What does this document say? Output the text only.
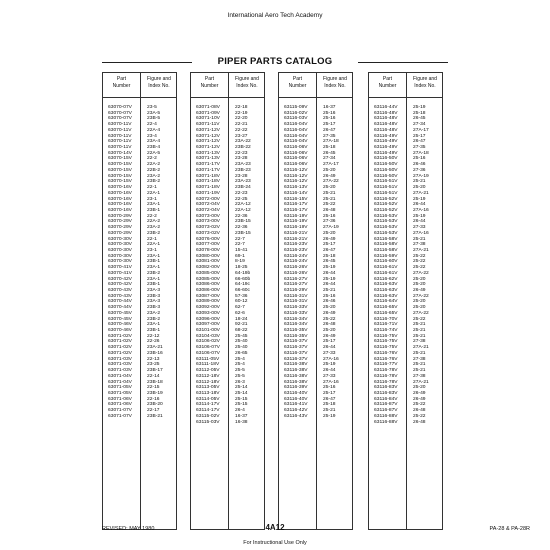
International Aero Tech Academy
PIPER PARTS CATALOG
Part
Number
Figure and
Index No.
63070-07V	23-5
63070-07V	23A-5
63070-07V	23B-5
63070-11V	22-4
63070-11V	22A-4
63070-11V	23-4
63070-11V	23A-4
63070-11V	23B-4
63070-14V	22A-5
63070-15V	22-2
63070-15V	22A-2
63070-15V	22B-2
63070-15V	23A-2
63070-15V	23B-2
63070-16V	22-1
63070-16V	22A-1
63070-16V	23-1
63070-16V	23A-1
63070-16V	23B-1
63070-29V	22-2
63070-29V	22A-2
63070-29V	23A-2
63070-29V	23B-2
63070-30V	22-1
63070-30V	22A-1
63070-30V	23-1
63070-30V	23A-1
63070-30V	23B-1
63070-41V	23A-1
63070-41V	23B-2
63070-42V	23A-1
63070-42V	23B-1
63070-43V	23A-3
63070-43V	23B-3
63070-44V	23A-3
63070-44V	23B-3
63070-45V	23A-2
63070-45V	23B-2
63070-46V	23A-1
63070-46V	23B-1
63071-02V	22-12
63071-02V	22-26
63071-02V	23A-21
63071-02V	23B-16
63071-03V	22-13
63071-03V	23-25
63071-03V	23B-17
63071-04V	22-14
63071-04V	23B-18
63071-05V	22-15
63071-05V	23B-19
63071-06V	22-16
63071-06V	23B-20
63071-07V	22-17
63071-07V	23B-21
Part
Number
Figure and
Index No.
63071-08V	22-18
63071-09V	22-19
63071-10V	22-20
63071-11V	22-21
63071-12V	22-22
63071-12V	23-27
63071-12V	23A-22
63071-12V	23B-22
63071-13V	22-23
63071-13V	23-28
63071-17V	23A-23
63071-17V	23B-23
63071-18V	23-28
63071-18V	23A-23
63071-18V	23B-24
63071-19V	22-23
63072-00V	22-25
63072-04V	22A-12
63072-04V	22A-12
63073-00V	22-36
63073-00V	23B-15
63073-02V	22-36
63073-02V	23B-15
63076-00V	22-7
63077-00V	22-7
63078-00V	15-41
63080-00V	69-1
63081-00V	8-19
63082-00V	18-25
63085-00V	64-19b
63085-00V	66-60b
63086-00V	64-19c
63086-00V	66-60c
63087-00V	57-36
63089-00V	60-12
63092-00V	62-7
63093-00V	62-6
63096-00V	18-24
63097-00V	92-21
63101-00V	68-22
63104-03V	25-45
63106-02V	25-40
63106-07V	25-40
63106-07V	26-65
63111-05V	25-4
63111-18V	25-4
63112-05V	25-5
63112-18V	25-5
63112-18V	26-3
63113-05V	25-14
63113-18V	25-14
63114-05V	25-15
63114-17V	25-15
63114-17V	26-4
63115-02V	16-37
63115-03V	16-38
Part
Number
Figure and
Index No.
63115-09V	16-37
63116-02V	25-16
63116-03V	25-16
63116-04V	25-17
63116-04V	26-47
63116-04V	27-35
63116-04V	27A-18
63116-06V	25-18
63116-06V	26-45
63116-06V	27-34
63116-06V	27A-17
63116-12V	25-20
63116-12V	26-49
63116-12V	27A-22
63116-13V	25-20
63116-14V	25-21
63116-15V	25-21
63116-17V	25-22
63116-17V	26-48
63116-19V	25-16
63116-19V	27-36
63116-19V	27A-19
63116-21V	25-20
63116-21V	26-49
63116-23V	25-17
63116-23V	26-47
63116-24V	25-18
63116-24V	26-45
63116-26V	25-19
63116-26V	26-44
63116-27V	25-19
63116-27V	26-44
63116-29V	25-21
63116-31V	25-16
63116-31V	26-46
63116-33V	25-20
63116-33V	26-49
63116-34V	25-22
63116-34V	26-48
63116-35V	25-20
63116-35V	26-49
63116-37V	25-17
63116-37V	26-44
63116-37V	27-33
63116-37V	27A-16
63116-38V	25-19
63116-38V	26-44
63116-38V	27-33
63116-38V	27A-16
63116-39V	25-16
63116-40V	25-17
63116-40V	26-47
63116-41V	25-18
63116-42V	25-21
63116-43V	25-19
Part
Number
Figure and
Index No.
63116-44V	25-19
63116-48V	25-18
63116-48V	26-45
63116-48V	27-34
63116-48V	27A-17
63116-49V	25-17
63116-49V	26-47
63116-49V	27-35
63116-49V	27A-18
63116-50V	25-16
63116-50V	26-46
63116-50V	27-36
63116-50V	27A-19
63116-51V	25-21
63116-51V	25-20
63116-51V	27A-21
63116-52V	25-19
63116-52V	26-44
63116-52V	27A-16
63116-53V	25-19
63116-53V	26-44
63116-53V	27-33
63116-53V	27A-16
63116-58V	25-21
63116-58V	27-38
63116-58V	27A-21
63116-59V	25-22
63116-60V	25-22
63116-61V	25-22
63116-61V	27A-22
63116-62V	25-20
63116-63V	25-20
63116-63V	26-49
63116-63V	27A-22
63116-64V	25-20
63116-65V	25-20
63116-65V	27A-22
63116-70V	25-22
63116-71V	25-21
63116-74V	25-21
63116-75V	25-21
63116-75V	27-38
63116-75V	27A-21
63116-76V	25-21
63116-76V	27-38
63116-77V	25-21
63116-78V	25-21
63116-78V	27-38
63116-78V	27A-21
63116-83V	25-20
63116-83V	26-49
63116-84V	26-49
63116-87V	25-22
63116-87V	26-48
63116-88V	25-22
63116-88V	26-48
REVISED: MAY 1980	4A12	PA-28 & PA-28R
For Instructional Use Only
